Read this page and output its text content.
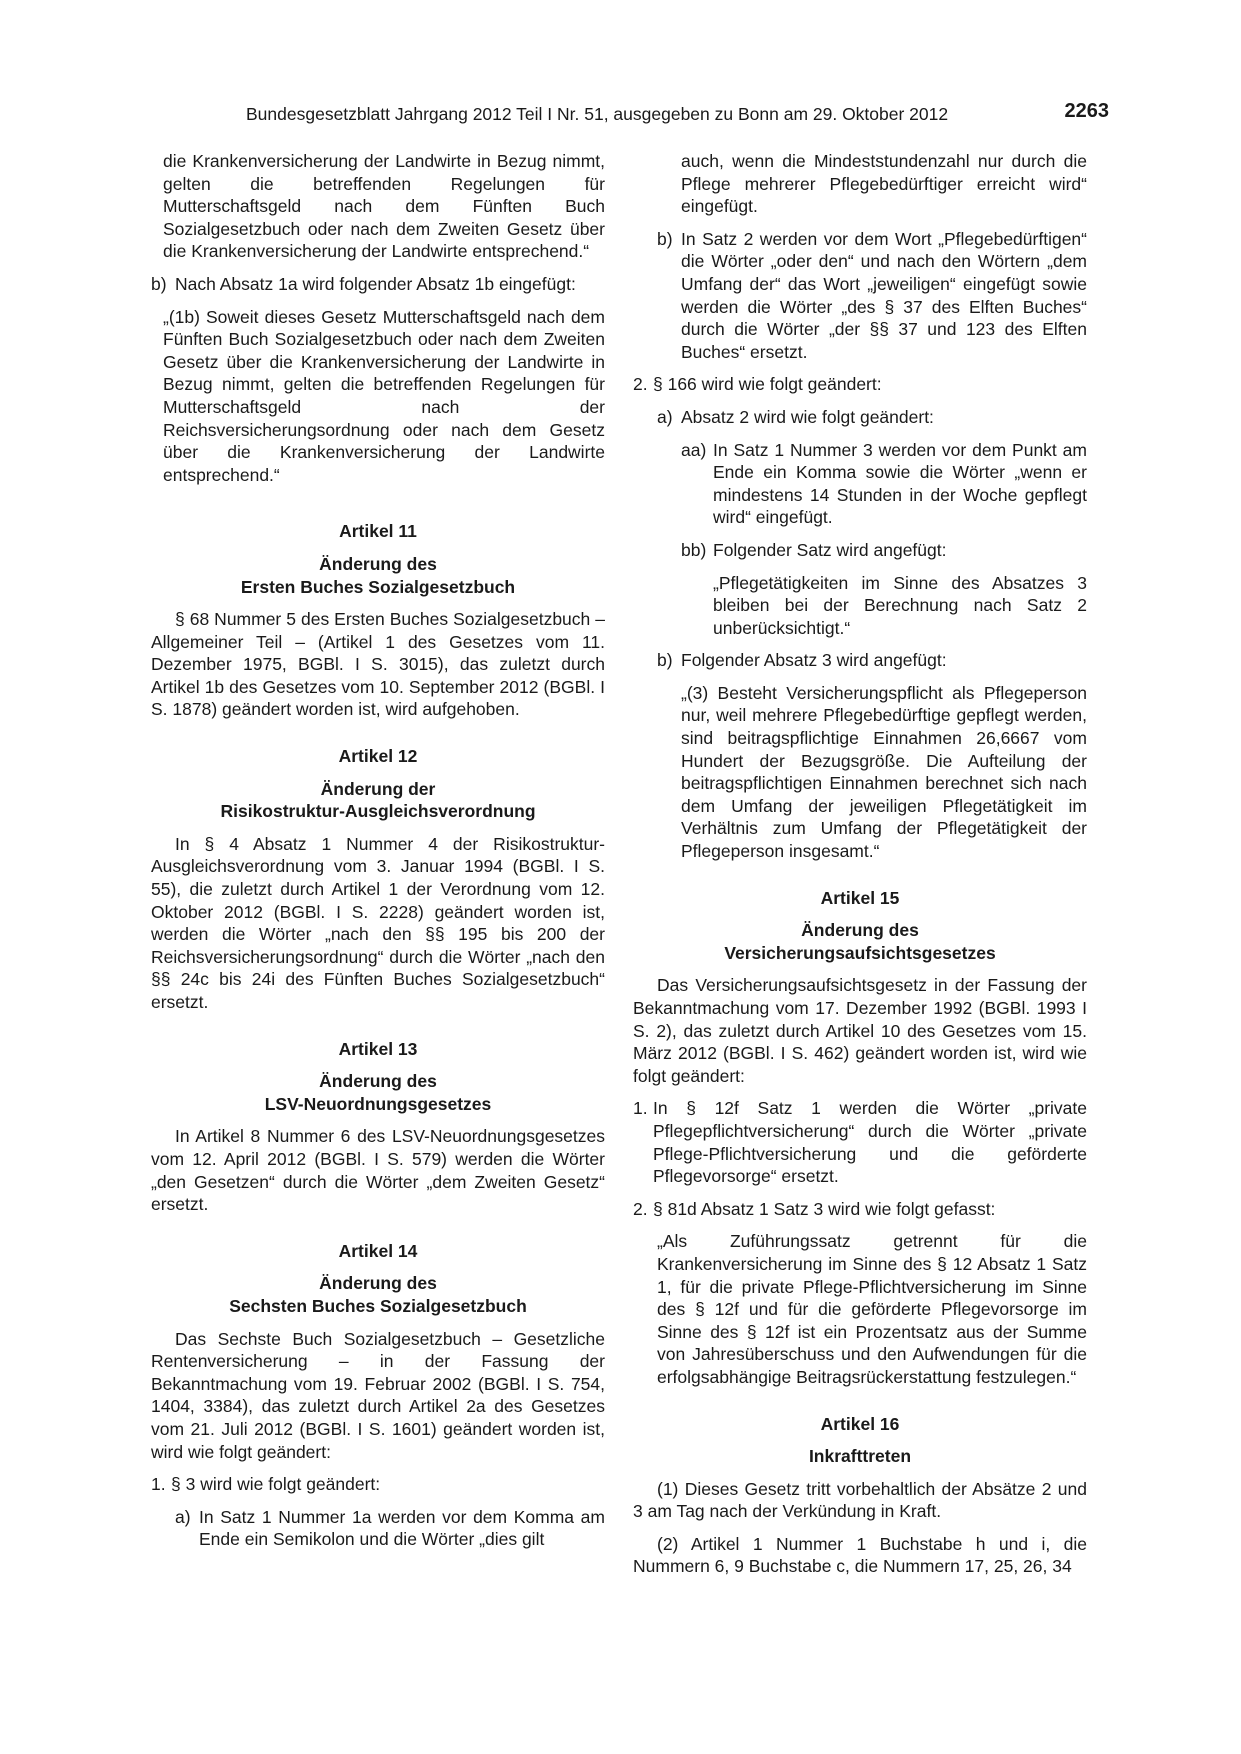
Bundesgesetzblatt Jahrgang 2012 Teil I Nr. 51, ausgegeben zu Bonn am 29. Oktober 2012	2263

die Krankenversicherung der Landwirte in Bezug nimmt, gelten die betreffenden Regelungen für Mutterschaftsgeld nach dem Fünften Buch Sozialgesetzbuch oder nach dem Zweiten Gesetz über die Krankenversicherung der Landwirte entsprechend.“

b) Nach Absatz 1a wird folgender Absatz 1b eingefügt:

„(1b) Soweit dieses Gesetz Mutterschaftsgeld nach dem Fünften Buch Sozialgesetzbuch oder nach dem Zweiten Gesetz über die Krankenversicherung der Landwirte in Bezug nimmt, gelten die betreffenden Regelungen für Mutterschaftsgeld nach der Reichsversicherungsordnung oder nach dem Gesetz über die Krankenversicherung der Landwirte entsprechend.“

Artikel 11

Änderung des

Ersten Buches Sozialgesetzbuch

§ 68 Nummer 5 des Ersten Buches Sozialgesetzbuch – Allgemeiner Teil – (Artikel 1 des Gesetzes vom 11. Dezember 1975, BGBl. I S. 3015), das zuletzt durch Artikel 1b des Gesetzes vom 10. September 2012 (BGBl. I S. 1878) geändert worden ist, wird aufgehoben.

Artikel 12

Änderung der

Risikostruktur-Ausgleichsverordnung

In § 4 Absatz 1 Nummer 4 der Risikostruktur-Ausgleichsverordnung vom 3. Januar 1994 (BGBl. I S. 55), die zuletzt durch Artikel 1 der Verordnung vom 12. Oktober 2012 (BGBl. I S. 2228) geändert worden ist, werden die Wörter „nach den §§ 195 bis 200 der Reichsversicherungsordnung“ durch die Wörter „nach den §§ 24c bis 24i des Fünften Buches Sozialgesetzbuch“ ersetzt.

Artikel 13

Änderung des

LSV-Neuordnungsgesetzes

In Artikel 8 Nummer 6 des LSV-Neuordnungsgesetzes vom 12. April 2012 (BGBl. I S. 579) werden die Wörter „den Gesetzen“ durch die Wörter „dem Zweiten Gesetz“ ersetzt.

Artikel 14

Änderung des

Sechsten Buches Sozialgesetzbuch

Das Sechste Buch Sozialgesetzbuch – Gesetzliche Rentenversicherung – in der Fassung der Bekanntmachung vom 19. Februar 2002 (BGBl. I S. 754, 1404, 3384), das zuletzt durch Artikel 2a des Gesetzes vom 21. Juli 2012 (BGBl. I S. 1601) geändert worden ist, wird wie folgt geändert:

1. § 3 wird wie folgt geändert:
a) In Satz 1 Nummer 1a werden vor dem Komma am Ende ein Semikolon und die Wörter „dies gilt

auch, wenn die Mindeststundenzahl nur durch die Pflege mehrerer Pflegebedürftiger erreicht wird“ eingefügt.

b) In Satz 2 werden vor dem Wort „Pflegebedürftigen“ die Wörter „oder den“ und nach den Wörtern „dem Umfang der“ das Wort „jeweiligen“ eingefügt sowie werden die Wörter „des § 37 des Elften Buches“ durch die Wörter „der §§ 37 und 123 des Elften Buches“ ersetzt.
2. § 166 wird wie folgt geändert:
a) Absatz 2 wird wie folgt geändert:
aa) In Satz 1 Nummer 3 werden vor dem Punkt am Ende ein Komma sowie die Wörter „wenn er mindestens 14 Stunden in der Woche gepflegt wird“ eingefügt.
bb) Folgender Satz wird angefügt:

„Pflegetätigkeiten im Sinne des Absatzes 3 bleiben bei der Berechnung nach Satz 2 unberücksichtigt.“

b) Folgender Absatz 3 wird angefügt:

„(3) Besteht Versicherungspflicht als Pflegeperson nur, weil mehrere Pflegebedürftige gepflegt werden, sind beitragspflichtige Einnahmen 26,6667 vom Hundert der Bezugsgröße. Die Aufteilung der beitragspflichtigen Einnahmen berechnet sich nach dem Umfang der jeweiligen Pflegetätigkeit im Verhältnis zum Umfang der Pflegetätigkeit der Pflegeperson insgesamt.“

Artikel 15

Änderung des

Versicherungsaufsichtsgesetzes

Das Versicherungsaufsichtsgesetz in der Fassung der Bekanntmachung vom 17. Dezember 1992 (BGBl. 1993 I S. 2), das zuletzt durch Artikel 10 des Gesetzes vom 15. März 2012 (BGBl. I S. 462) geändert worden ist, wird wie folgt geändert:

1. In § 12f Satz 1 werden die Wörter „private Pflegepflichtversicherung“ durch die Wörter „private Pflege-Pflichtversicherung und die geförderte Pflegevorsorge“ ersetzt.
2. § 81d Absatz 1 Satz 3 wird wie folgt gefasst:

„Als Zuführungssatz getrennt für die Krankenversicherung im Sinne des § 12 Absatz 1 Satz 1, für die private Pflege-Pflichtversicherung im Sinne des § 12f und für die geförderte Pflegevorsorge im Sinne des § 12f ist ein Prozentsatz aus der Summe von Jahresüberschuss und den Aufwendungen für die erfolgsabhängige Beitragsrückerstattung festzulegen.“

Artikel 16

Inkrafttreten

(1) Dieses Gesetz tritt vorbehaltlich der Absätze 2 und 3 am Tag nach der Verkündung in Kraft.

(2) Artikel 1 Nummer 1 Buchstabe h und i, die Nummern 6, 9 Buchstabe c, die Nummern 17, 25, 26, 34
